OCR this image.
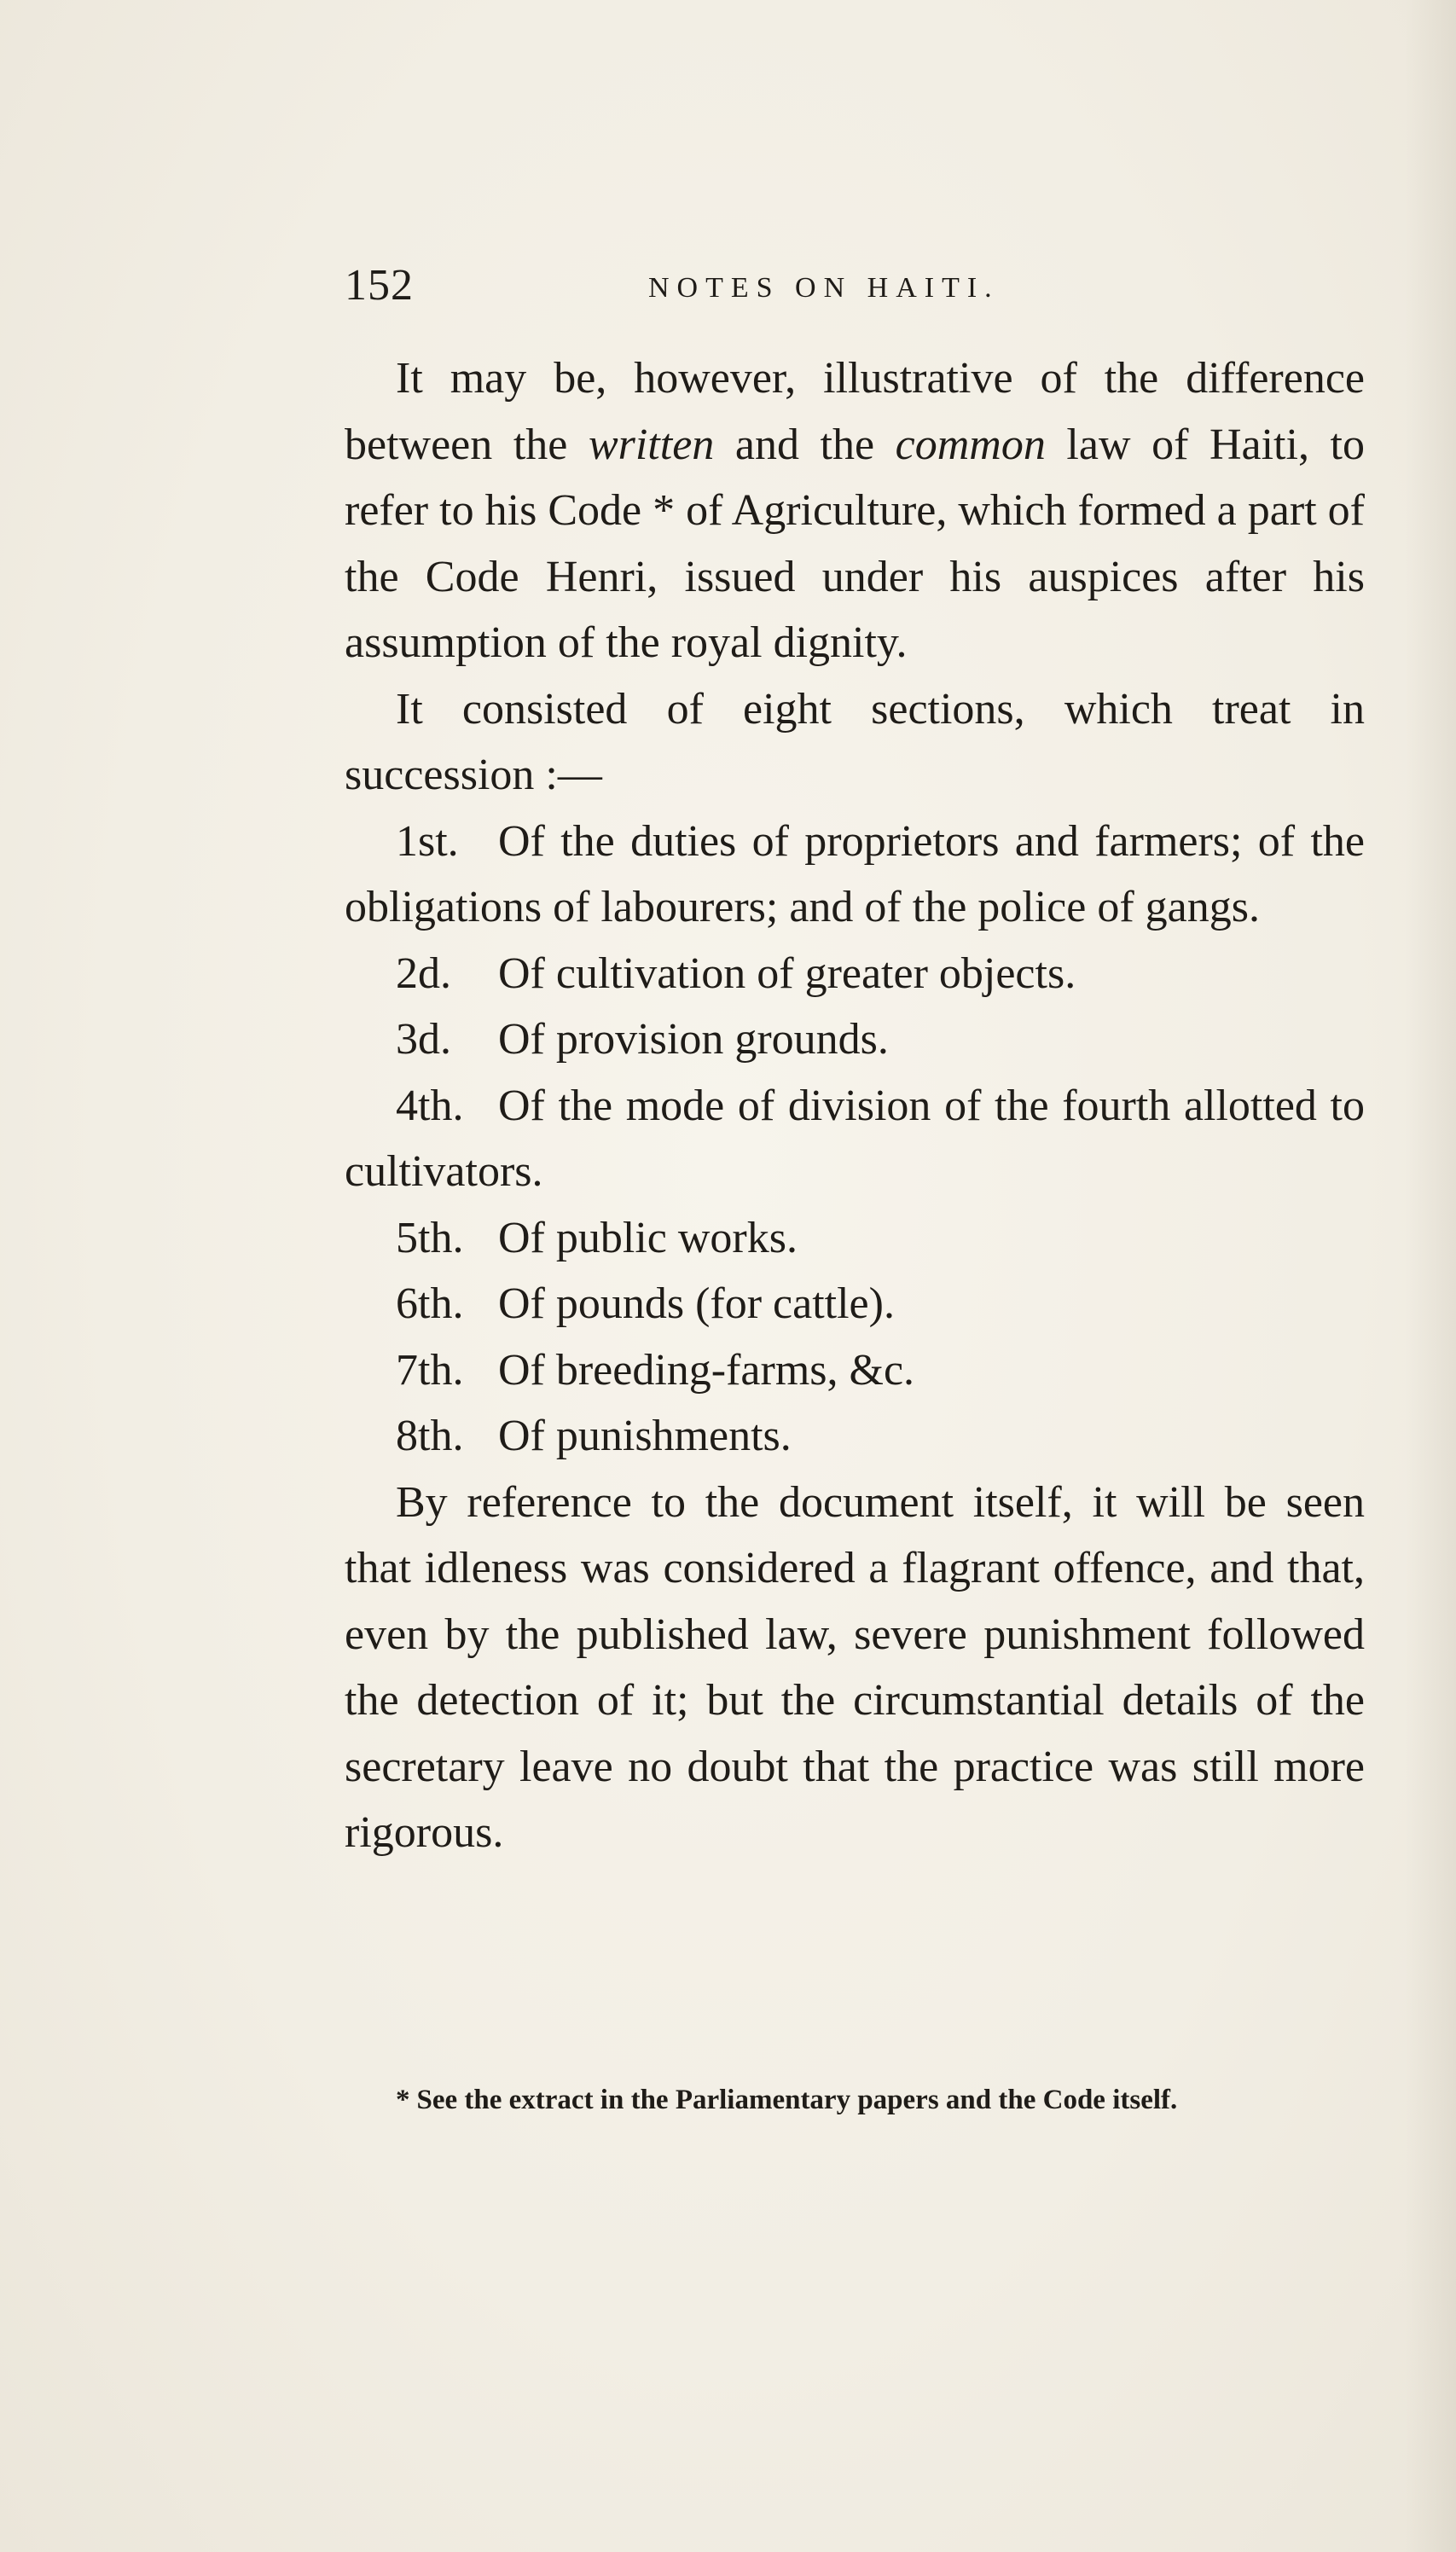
152	NOTES ON HAITI.

It may be, however, illustrative of the difference between the written and the common law of Haiti, to refer to his Code * of Agriculture, which formed a part of the Code Henri, issued under his auspices after his assumption of the royal dignity.

It consisted of eight sections, which treat in succession :—

1st. Of the duties of proprietors and farmers; of the obligations of labourers; and of the police of gangs.

2d. Of cultivation of greater objects.

3d. Of provision grounds.

4th. Of the mode of division of the fourth allotted to cultivators.

5th. Of public works.

6th. Of pounds (for cattle).

7th. Of breeding-farms, &c.

8th. Of punishments.

By reference to the document itself, it will be seen that idleness was considered a flagrant offence, and that, even by the published law, severe punishment followed the detection of it; but the circumstantial details of the secretary leave no doubt that the practice was still more rigorous.

* See the extract in the Parliamentary papers and the Code itself.
